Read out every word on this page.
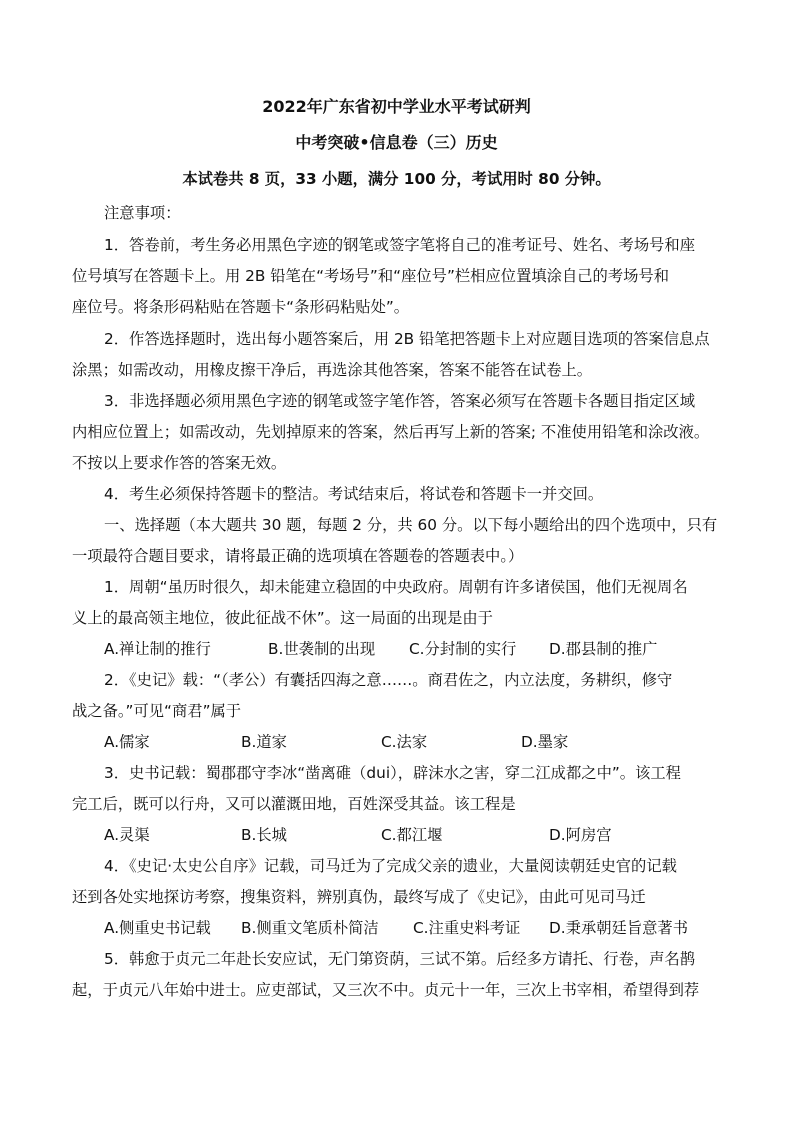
2022年广东省初中学业水平考试研判
中考突破•信息卷（三）历史
本试卷共 8 页，33 小题，满分 100 分，考试用时 80 分钟。
注意事项：
1．答卷前，考生务必用黑色字迹的钢笔或签字笔将自己的准考证号、姓名、考场号和座
位号填写在答题卡上。用 2B 铅笔在“考场号”和“座位号”栏相应位置填涂自己的考场号和
座位号。将条形码粘贴在答题卡“条形码粘贴处”。
2．作答选择题时，选出每小题答案后，用 2B 铅笔把答题卡上对应题目选项的答案信息点
涂黑；如需改动，用橡皮擦干净后，再选涂其他答案，答案不能答在试卷上。
3．非选择题必须用黑色字迹的钢笔或签字笔作答，答案必须写在答题卡各题目指定区域
内相应位置上；如需改动，先划掉原来的答案，然后再写上新的答案; 不准使用铅笔和涂改液。
不按以上要求作答的答案无效。
4．考生必须保持答题卡的整洁。考试结束后，将试卷和答题卡一并交回。
一、选择题（本大题共 30 题，每题 2 分，共 60 分。以下每小题给出的四个选项中，只有
一项最符合题目要求，请将最正确的选项填在答题卷的答题表中。）
1．周朝“虽历时很久，却未能建立稳固的中央政府。周朝有许多诸侯国，他们无视周名
义上的最高领主地位，彼此征战不休”。这一局面的出现是由于
A.禅让制的推行	B.世袭制的出现 C.分封制的实行 D.郡县制的推广
2．《史记》载：“（孝公）有囊括四海之意……。商君佐之，内立法度，务耕织，修守
战之备。”可见“商君”属于
A.儒家	B.道家	C.法家	D.墨家
3．史书记载：蜀郡郡守李冰“凿离碓（dui），辟沫水之害，穿二江成都之中”。该工程
完工后，既可以行舟，又可以灌溉田地，百姓深受其益。该工程是
A.灵渠	B.长城	C.都江堰	D.阿房宫
4．《史记·太史公自序》记载，司马迁为了完成父亲的遗业，大量阅读朝廷史官的记载
还到各处实地探访考察，搜集资料，辨别真伪，最终写成了《史记》，由此可见司马迁
A.侧重史书记载 B.侧重文笔质朴简洁 C.注重史料考证 D.秉承朝廷旨意著书
5．韩愈于贞元二年赴长安应试，无门第资荫，三试不第。后经多方请托、行卷，声名鹊
起，于贞元八年始中进士。应吏部试，又三次不中。贞元十一年，三次上书宰相，希望得到荐
